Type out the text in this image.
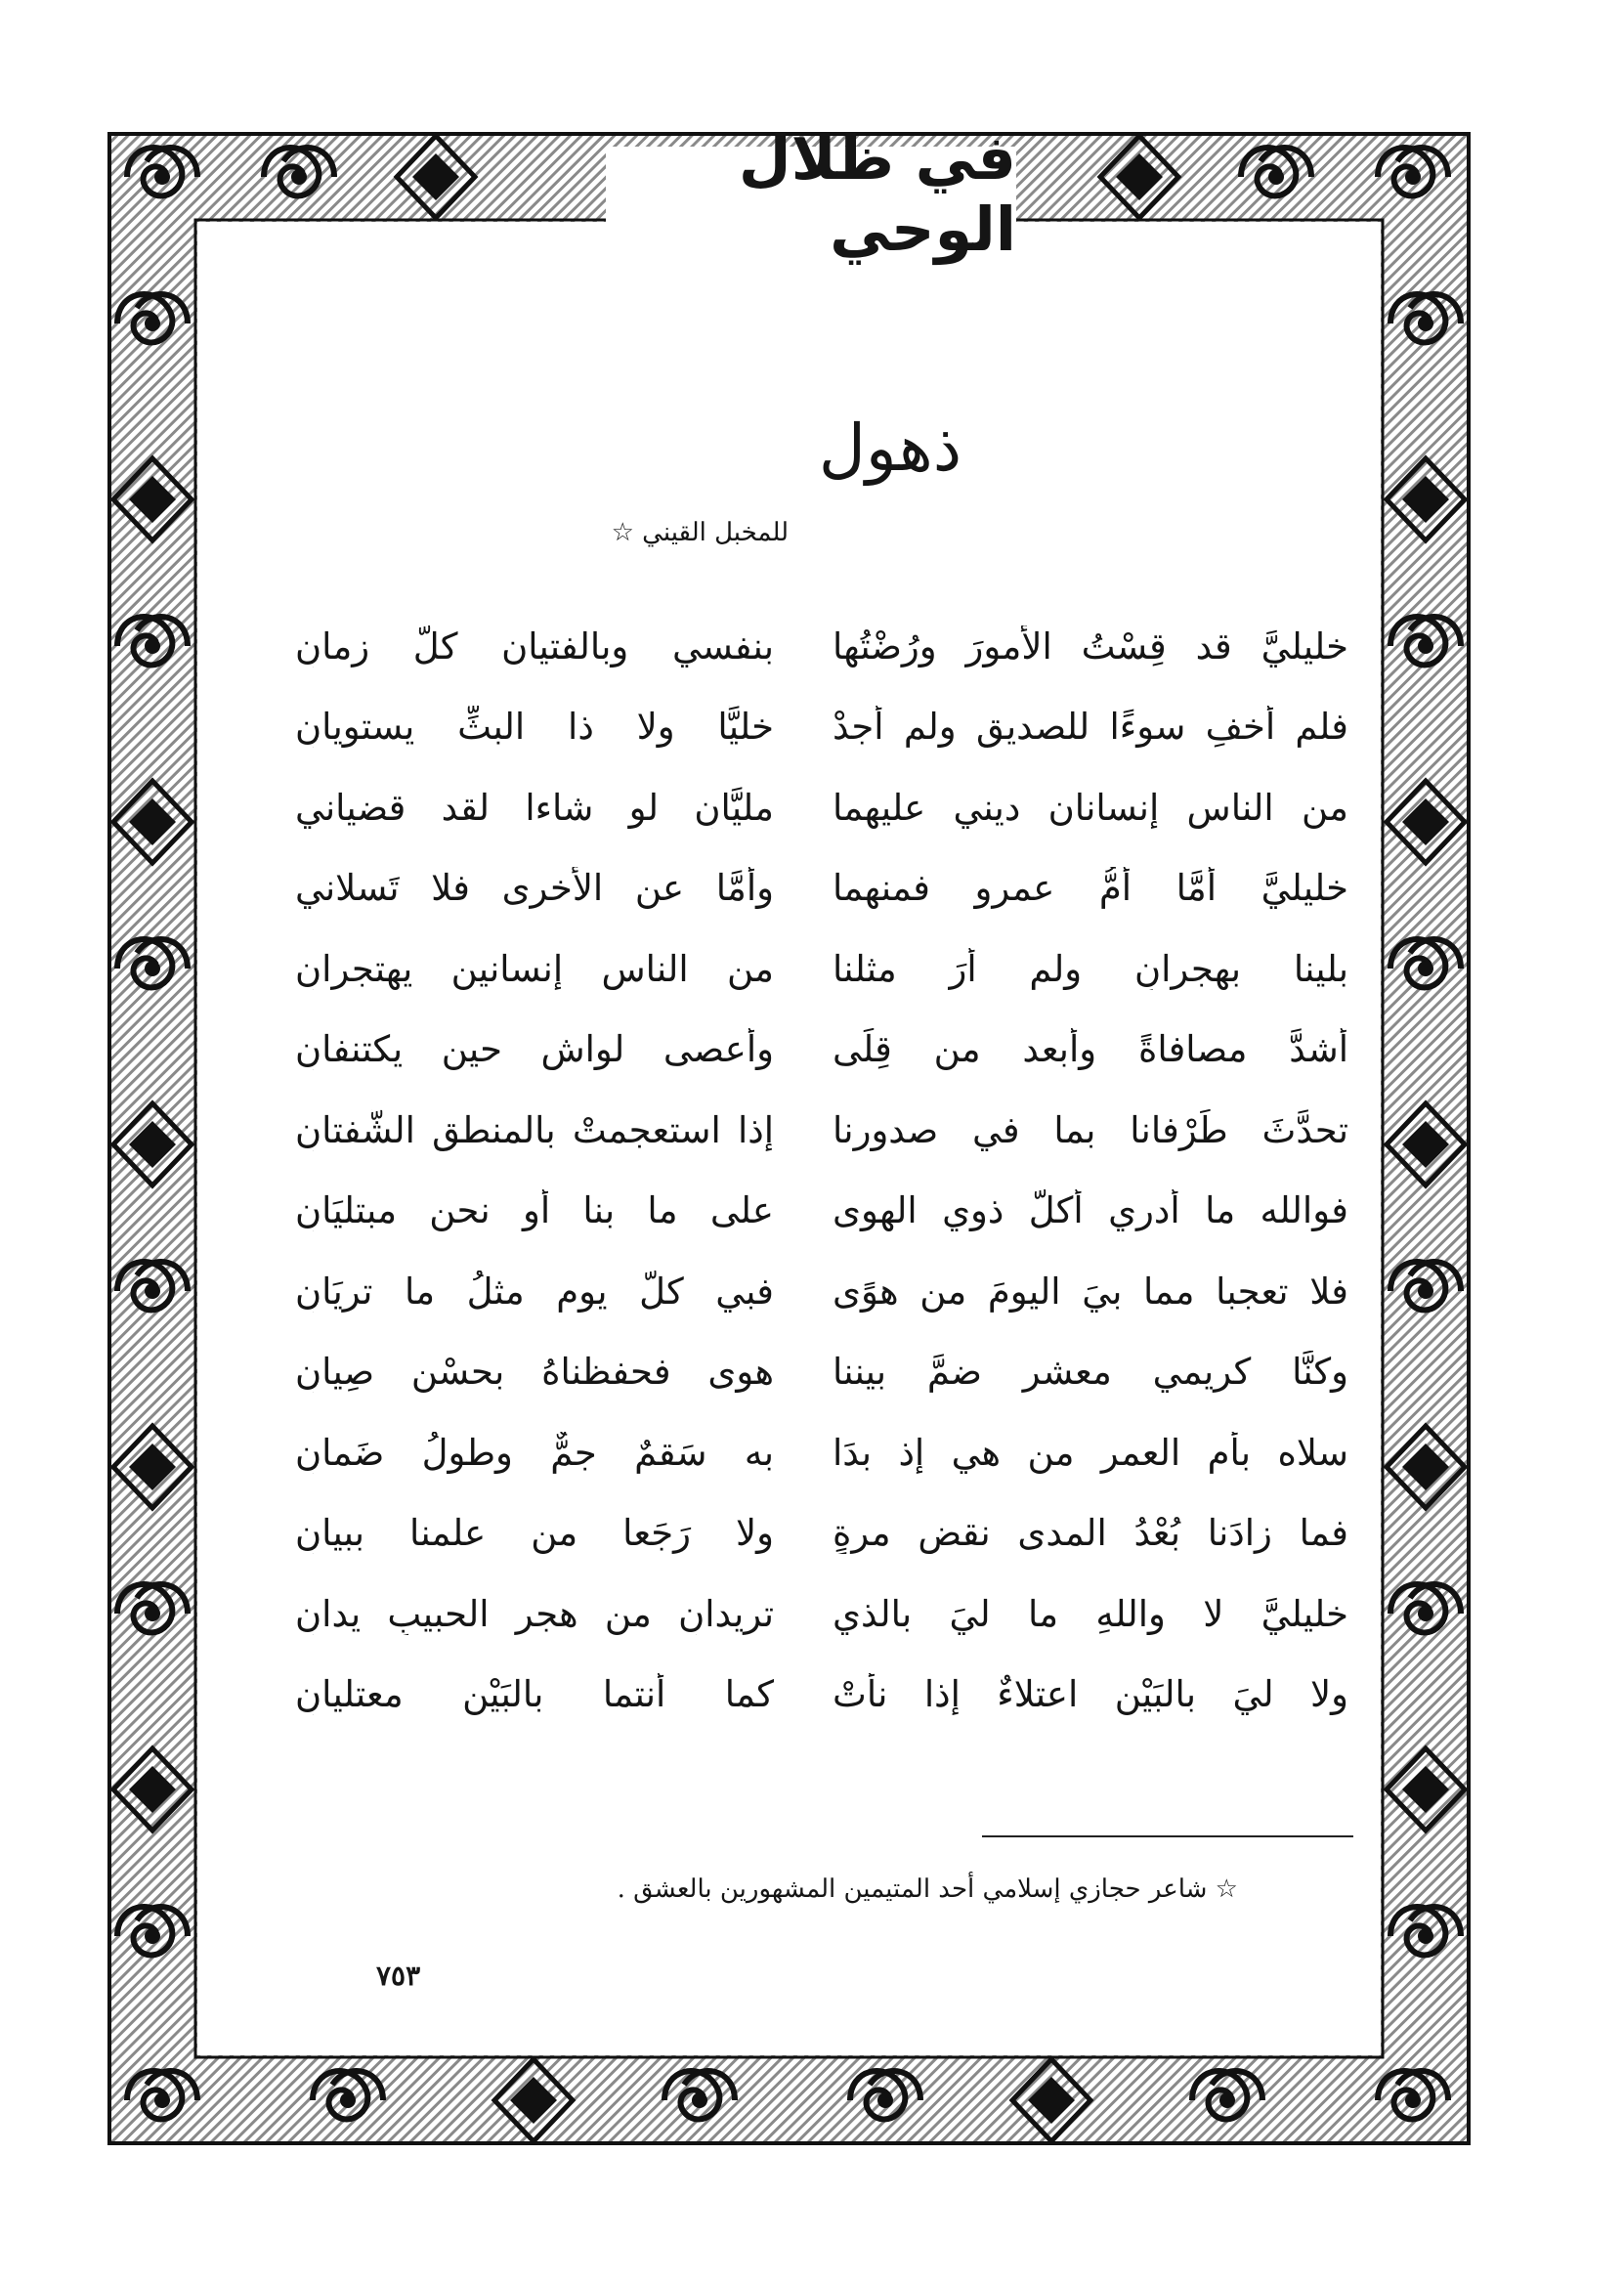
في ظلال الوحي
ذهول
للمخبل القيني ☆
خليليَّ قد قِسْتُ الأمورَ ورُضْتُها
بنفسي وبالفتيانِ كلَّ زمانِ
فلم أخفِ سوءًا للصديقِ ولم أجدْ
خليًّا ولا ذا البثِّ يستويانِ
من الناس إنسانان ديني عليهما
مليَّانِ لو شاءا لقد قضياني
خليليَّ أمَّا أمُّ عمرٍو فمنهما
وأمَّا عن الأخرى فلا تَسلاني
بلينا بهجرانٍ ولم أرَ مثلنا
من الناسِ إنسانين يهتجرانِ
أشدَّ مصافاةً وأبعد من قِلًى
وأعصى لواشٍ حين يكتنفانِ
تحدَّثَ طَرْفانا بما في صدورِنا
إذا استعجمتْ بالمنطقِ الشَّفتانِ
فوالله ما أدري أكلُّ ذوي الهوى
على ما بنا أو نحن مبتليَانِ
فلا تعجبا مما بيَ اليومَ من هوًى
فبي كلَّ يومٍ مثلُ ما تريَانِ
وكنَّا كريمي معشرٍ ضمَّ بيننا
هوى فحفظناهُ بحسْنِ صِيانِ
سلاه بأم العمر من هي إذ بدَا
به سَقمٌ جمٌّ وطولُ ضَمانِ
فما زادَنا بُعْدُ المدى نقض مرةٍ
ولا رَجَعا من علمنا ببيانِ
خليليَّ لا واللهِ ما ليَ بالذي
تريدانِ من هجرِ الحبيبِ يدانِ
ولا ليَ بالبَيْنِ اعتلاءٌ إذا نأتْ
كما أنتما بالبَيْنِ معتليانِ
☆ شاعر حجازي إسلامي أحد المتيمين المشهورين بالعشق .
٧٥٣
